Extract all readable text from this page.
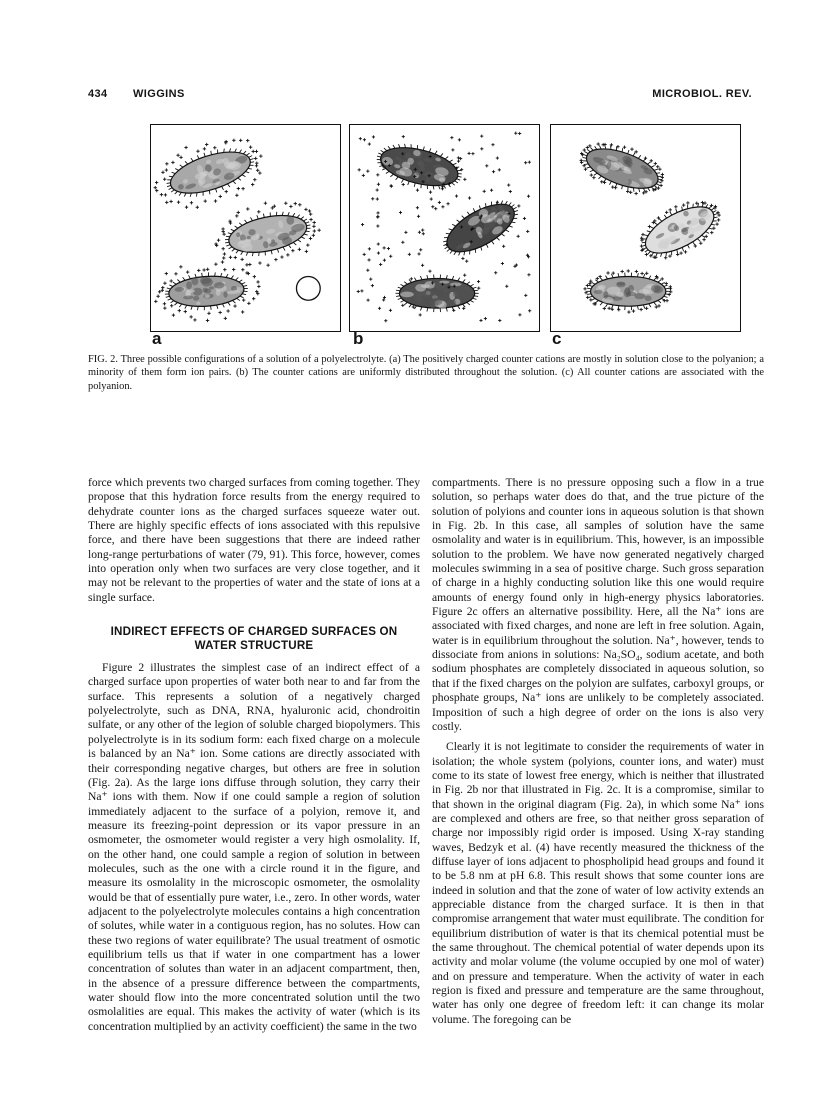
434 WIGGINS	MICROBIOL. REV.
a	b	c
FIG. 2. Three possible configurations of a solution of a polyelectrolyte. (a) The positively charged counter cations are mostly in solution close to the polyanion; a minority of them form ion pairs. (b) The counter cations are uniformly distributed throughout the solution. (c) All counter cations are associated with the polyanion.

force which prevents two charged surfaces from coming together. They propose that this hydration force results from the energy required to dehydrate counter ions as the charged surfaces squeeze water out. There are highly specific effects of ions associated with this repulsive force, and there have been suggestions that there are indeed rather long-range perturbations of water (79, 91). This force, however, comes into operation only when two surfaces are very close together, and it may not be relevant to the properties of water and the state of ions at a single surface.

INDIRECT EFFECTS OF CHARGED SURFACES ON WATER STRUCTURE

Figure 2 illustrates the simplest case of an indirect effect of a charged surface upon properties of water both near to and far from the surface. This represents a solution of a negatively charged polyelectrolyte, such as DNA, RNA, hyaluronic acid, chondroitin sulfate, or any other of the legion of soluble charged biopolymers. This polyelectrolyte is in its sodium form: each fixed charge on a molecule is balanced by an Na⁺ ion. Some cations are directly associated with their corresponding negative charges, but others are free in solution (Fig. 2a). As the large ions diffuse through solution, they carry their Na⁺ ions with them. Now if one could sample a region of solution immediately adjacent to the surface of a polyion, remove it, and measure its freezing-point depression or its vapor pressure in an osmometer, the osmometer would register a very high osmolality. If, on the other hand, one could sample a region of solution in between molecules, such as the one with a circle round it in the figure, and measure its osmolality in the microscopic osmometer, the osmolality would be that of essentially pure water, i.e., zero. In other words, water adjacent to the polyelectrolyte molecules contains a high concentration of solutes, while water in a contiguous region, has no solutes. How can these two regions of water equilibrate? The usual treatment of osmotic equilibrium tells us that if water in one compartment has a lower concentration of solutes than water in an adjacent compartment, then, in the absence of a pressure difference between the compartments, water should flow into the more concentrated solution until the two osmolalities are equal. This makes the activity of water (which is its concentration multiplied by an activity coefficient) the same in the two

compartments. There is no pressure opposing such a flow in a true solution, so perhaps water does do that, and the true picture of the solution of polyions and counter ions in aqueous solution is that shown in Fig. 2b. In this case, all samples of solution have the same osmolality and water is in equilibrium. This, however, is an impossible solution to the problem. We have now generated negatively charged molecules swimming in a sea of positive charge. Such gross separation of charge in a highly conducting solution like this one would require amounts of energy found only in high-energy physics laboratories. Figure 2c offers an alternative possibility. Here, all the Na⁺ ions are associated with fixed charges, and none are left in free solution. Again, water is in equilibrium throughout the solution. Na⁺, however, tends to dissociate from anions in solutions: Na₂SO₄, sodium acetate, and both sodium phosphates are completely dissociated in aqueous solution, so that if the fixed charges on the polyion are sulfates, carboxyl groups, or phosphate groups, Na⁺ ions are unlikely to be completely associated. Imposition of such a high degree of order on the ions is also very costly.

Clearly it is not legitimate to consider the requirements of water in isolation; the whole system (polyions, counter ions, and water) must come to its state of lowest free energy, which is neither that illustrated in Fig. 2b nor that illustrated in Fig. 2c. It is a compromise, similar to that shown in the original diagram (Fig. 2a), in which some Na⁺ ions are complexed and others are free, so that neither gross separation of charge nor impossibly rigid order is imposed. Using X-ray standing waves, Bedzyk et al. (4) have recently measured the thickness of the diffuse layer of ions adjacent to phospholipid head groups and found it to be 5.8 nm at pH 6.8. This result shows that some counter ions are indeed in solution and that the zone of water of low activity extends an appreciable distance from the charged surface. It is then in that compromise arrangement that water must equilibrate. The condition for equilibrium distribution of water is that its chemical potential must be the same throughout. The chemical potential of water depends upon its activity and molar volume (the volume occupied by one mol of water) and on pressure and temperature. When the activity of water in each region is fixed and pressure and temperature are the same throughout, water has only one degree of freedom left: it can change its molar volume. The foregoing can be
